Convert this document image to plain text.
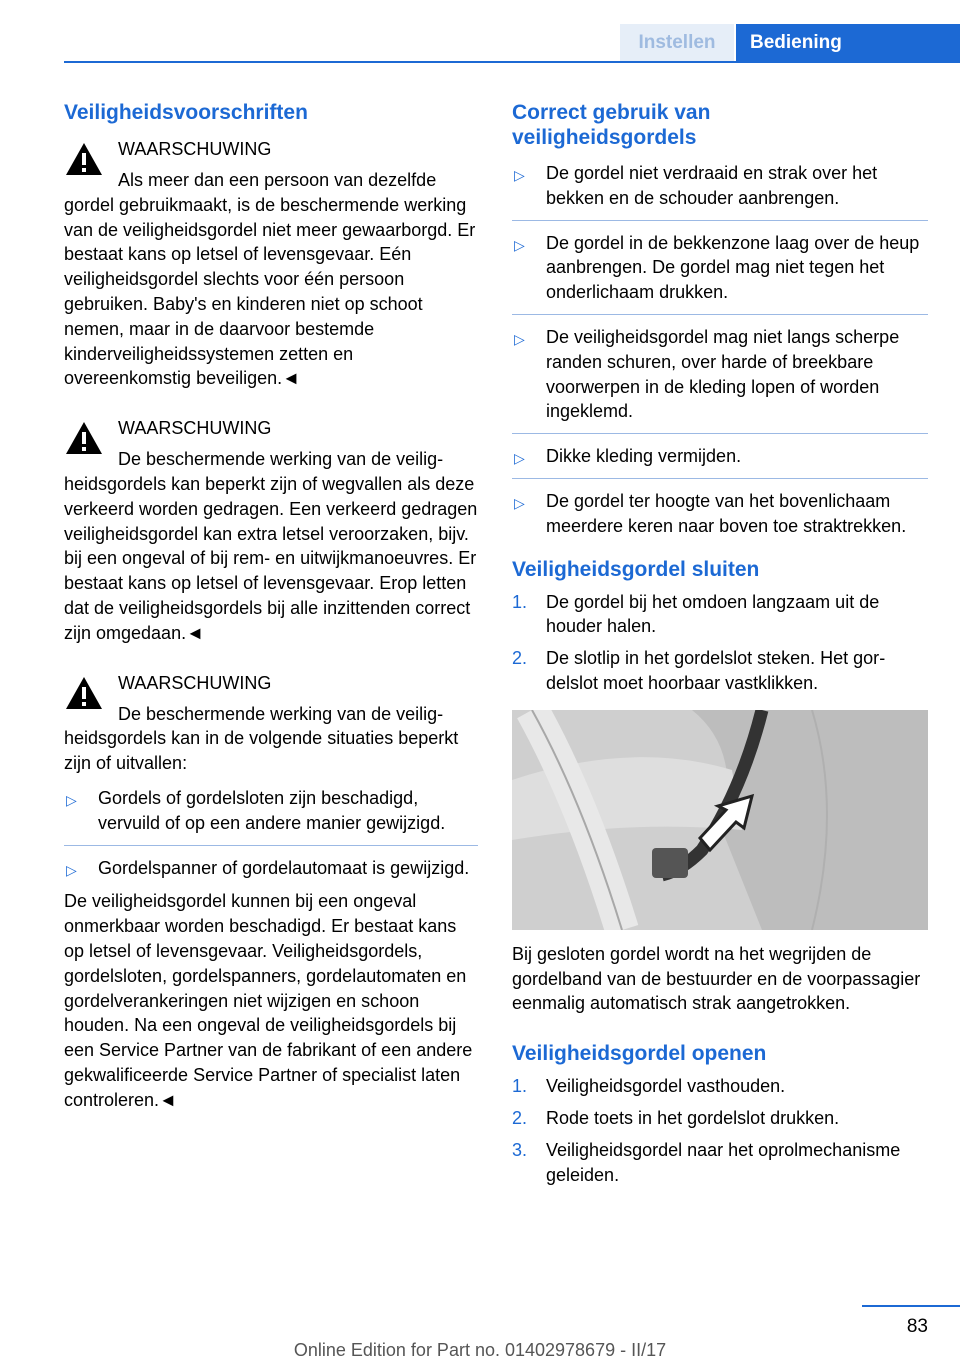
Instellen	Bediening
Veiligheidsvoorschriften
WAARSCHUWING
Als meer dan een persoon van dezelfde
gordel gebruikmaakt, is de beschermende werking van de veiligheidsgordel niet meer gewaarborgd. Er bestaat kans op letsel of levensgevaar. Eén veiligheidsgordel slechts voor één persoon gebruiken. Baby's en kinderen niet op schoot nemen, maar in de daarvoor bestemde kinderveiligheidssystemen zetten en overeenkomstig beveiligen.◄
WAARSCHUWING
De beschermende werking van de veilig-
heidsgordels kan beperkt zijn of wegvallen als deze verkeerd worden gedragen. Een verkeerd gedragen veiligheidsgordel kan extra letsel veroorzaken, bijv. bij een ongeval of bij rem- en uitwijkmanoeuvres. Er bestaat kans op letsel of levensgevaar. Erop letten dat de veiligheidsgordels bij alle inzittenden correct zijn omgedaan.◄
WAARSCHUWING
De beschermende werking van de veilig-
heidsgordels kan in de volgende situaties beperkt zijn of uitvallen:
▷ Gordels of gordelsloten zijn beschadigd, vervuild of op een andere manier gewijzigd.
▷ Gordelspanner of gordelautomaat is gewijzigd.
De veiligheidsgordel kunnen bij een ongeval onmerkbaar worden beschadigd. Er bestaat kans op letsel of levensgevaar. Veiligheidsgordels, gordelsloten, gordelspanners, gordelautomaten en gordelverankeringen niet wijzigen en schoon houden. Na een ongeval de veiligheidsgordels bij een Service Partner van de fabrikant of een andere gekwalificeerde Service Partner of specialist laten controleren.◄
Correct gebruik van veiligheidsgordels
▷ De gordel niet verdraaid en strak over het bekken en de schouder aanbrengen.
▷ De gordel in de bekkenzone laag over de heup aanbrengen. De gordel mag niet tegen het onderlichaam drukken.
▷ De veiligheidsgordel mag niet langs scherpe randen schuren, over harde of breekbare voorwerpen in de kleding lopen of worden ingeklemd.
▷ Dikke kleding vermijden.
▷ De gordel ter hoogte van het bovenlichaam meerdere keren naar boven toe straktrekken.
Veiligheidsgordel sluiten
1. De gordel bij het omdoen langzaam uit de houder halen.
2. De slotlip in het gordelslot steken. Het gordelslot moet hoorbaar vastklikken.
Bij gesloten gordel wordt na het wegrijden de gordelband van de bestuurder en de voorpassagier eenmalig automatisch strak aangetrokken.
Veiligheidsgordel openen
1. Veiligheidsgordel vasthouden.
2. Rode toets in het gordelslot drukken.
3. Veiligheidsgordel naar het oprolmechanisme geleiden.
83
Online Edition for Part no. 01402978679 - II/17
